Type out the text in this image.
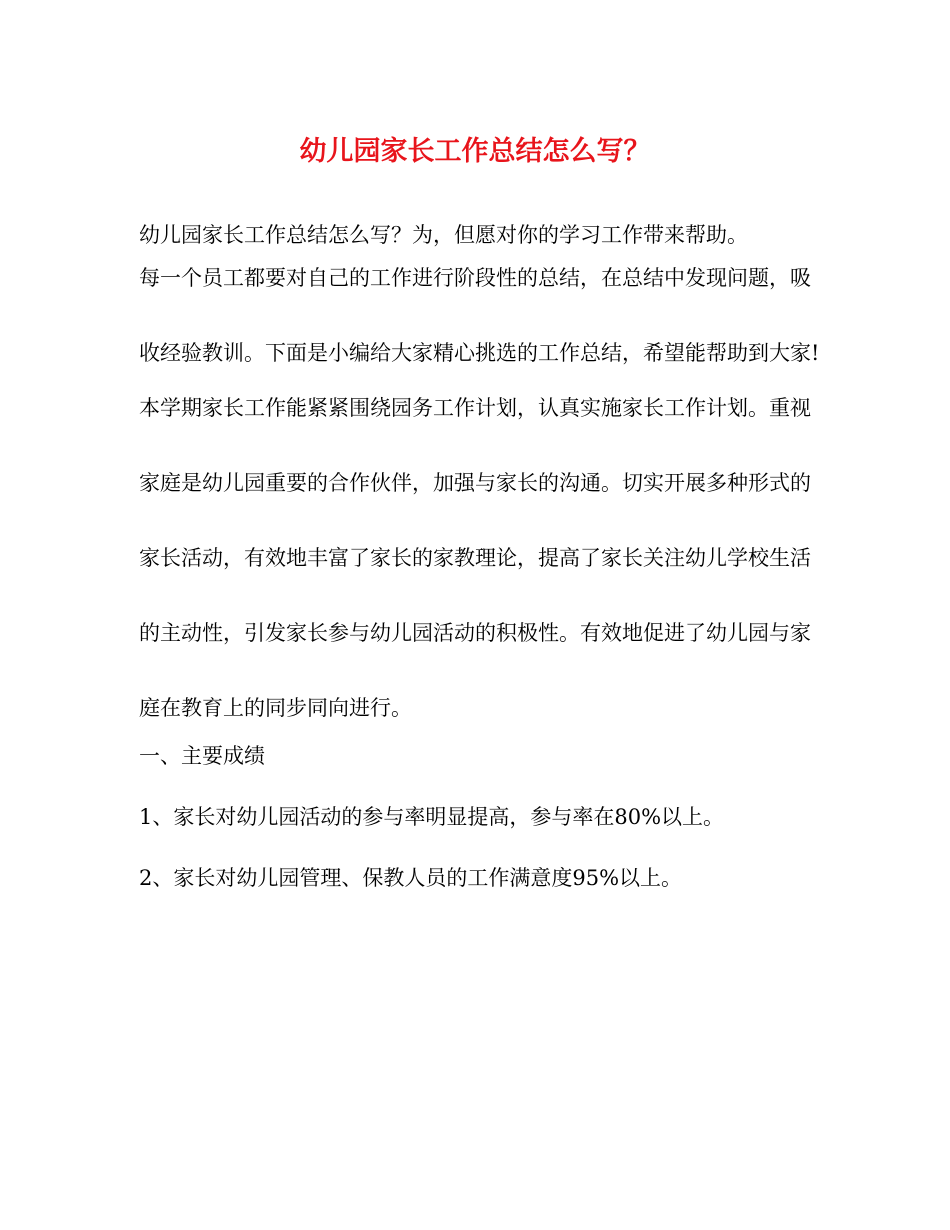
幼儿园家长工作总结怎么写？

幼儿园家长工作总结怎么写？为，但愿对你的学习工作带来帮助。

每一个员工都要对自己的工作进行阶段性的总结，在总结中发现问题，吸收经验教训。下面是小编给大家精心挑选的工作总结，希望能帮助到大家!

本学期家长工作能紧紧围绕园务工作计划，认真实施家长工作计划。重视家庭是幼儿园重要的合作伙伴，加强与家长的沟通。切实开展多种形式的家长活动，有效地丰富了家长的家教理论，提高了家长关注幼儿学校生活的主动性，引发家长参与幼儿园活动的积极性。有效地促进了幼儿园与家庭在教育上的同步同向进行。

一、主要成绩

1、家长对幼儿园活动的参与率明显提高，参与率在80%以上。

2、家长对幼儿园管理、保教人员的工作满意度95%以上。
